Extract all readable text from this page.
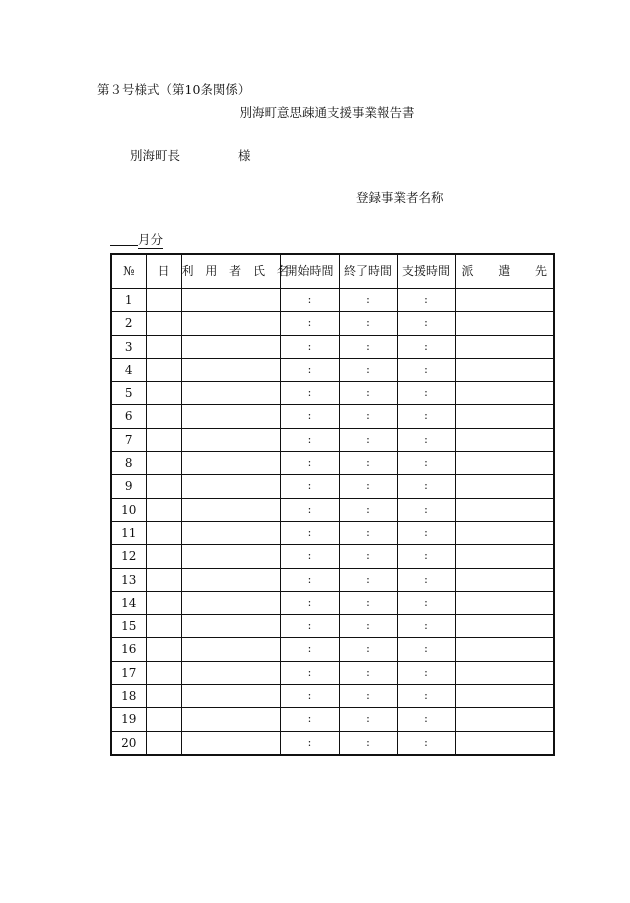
第３号様式（第10条関係）
別海町意思疎通支援事業報告書
別海町長	様
登録事業者名称
月分
№	日	利 用 者 氏 名	開始時間	終了時間	支援時間	派　遣　先
1			:	:	:	
2			:	:	:	
3			:	:	:	
4			:	:	:	
5			:	:	:	
6			:	:	:	
7			:	:	:	
8			:	:	:	
9			:	:	:	
10			:	:	:	
11			:	:	:	
12			:	:	:	
13			:	:	:	
14			:	:	:	
15			:	:	:	
16			:	:	:	
17			:	:	:	
18			:	:	:	
19			:	:	:	
20			:	:	:	
